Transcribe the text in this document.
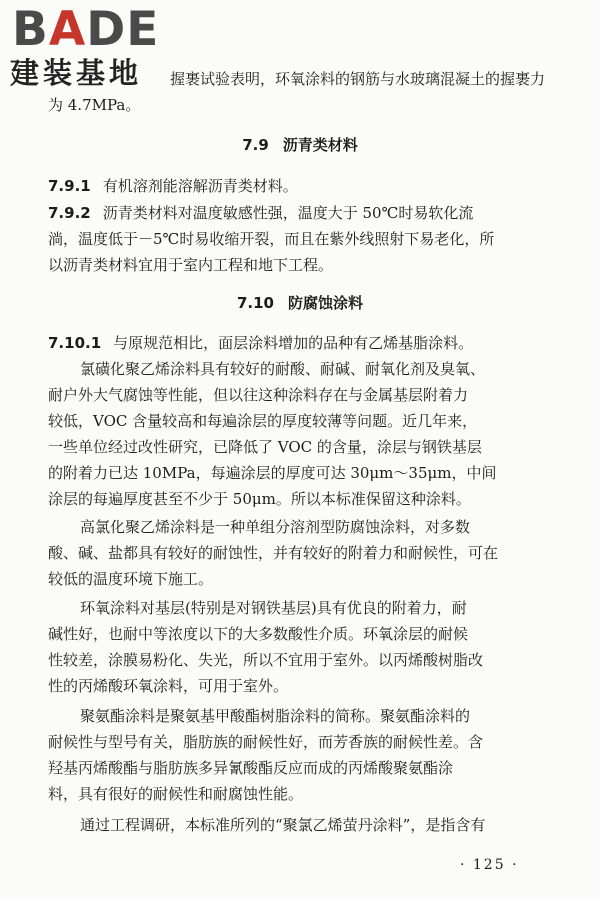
BADE
建装基地 握裹试验表明，环氧涂料的钢筋与水玻璃混凝土的握裹力
为 4.7MPa。
7.9 沥青类材料
7.9.1 有机溶剂能溶解沥青类材料。
7.9.2 沥青类材料对温度敏感性强，温度大于 50℃时易软化流
淌，温度低于－5℃时易收缩开裂，而且在紫外线照射下易老化，所
以沥青类材料宜用于室内工程和地下工程。
7.10 防腐蚀涂料
7.10.1 与原规范相比，面层涂料增加的品种有乙烯基脂涂料。
氯磺化聚乙烯涂料具有较好的耐酸、耐碱、耐氧化剂及臭氧、
耐户外大气腐蚀等性能，但以往这种涂料存在与金属基层附着力
较低，VOC 含量较高和每遍涂层的厚度较薄等问题。近几年来，
一些单位经过改性研究，已降低了 VOC 的含量，涂层与钢铁基层
的附着力已达 10MPa，每遍涂层的厚度可达 30μm～35μm，中间
涂层的每遍厚度甚至不少于 50μm。所以本标准保留这种涂料。
高氯化聚乙烯涂料是一种单组分溶剂型防腐蚀涂料，对多数
酸、碱、盐都具有较好的耐蚀性，并有较好的附着力和耐候性，可在
较低的温度环境下施工。
环氧涂料对基层(特别是对钢铁基层)具有优良的附着力，耐
碱性好，也耐中等浓度以下的大多数酸性介质。环氧涂层的耐候
性较差，涂膜易粉化、失光，所以不宜用于室外。以丙烯酸树脂改
性的丙烯酸环氧涂料，可用于室外。
聚氨酯涂料是聚氨基甲酸酯树脂涂料的简称。聚氨酯涂料的
耐候性与型号有关，脂肪族的耐候性好，而芳香族的耐候性差。含
羟基丙烯酸酯与脂肪族多异氰酸酯反应而成的丙烯酸聚氨酯涂
料，具有很好的耐候性和耐腐蚀性能。
通过工程调研，本标准所列的“聚氯乙烯萤丹涂料”，是指含有
· 125 ·
